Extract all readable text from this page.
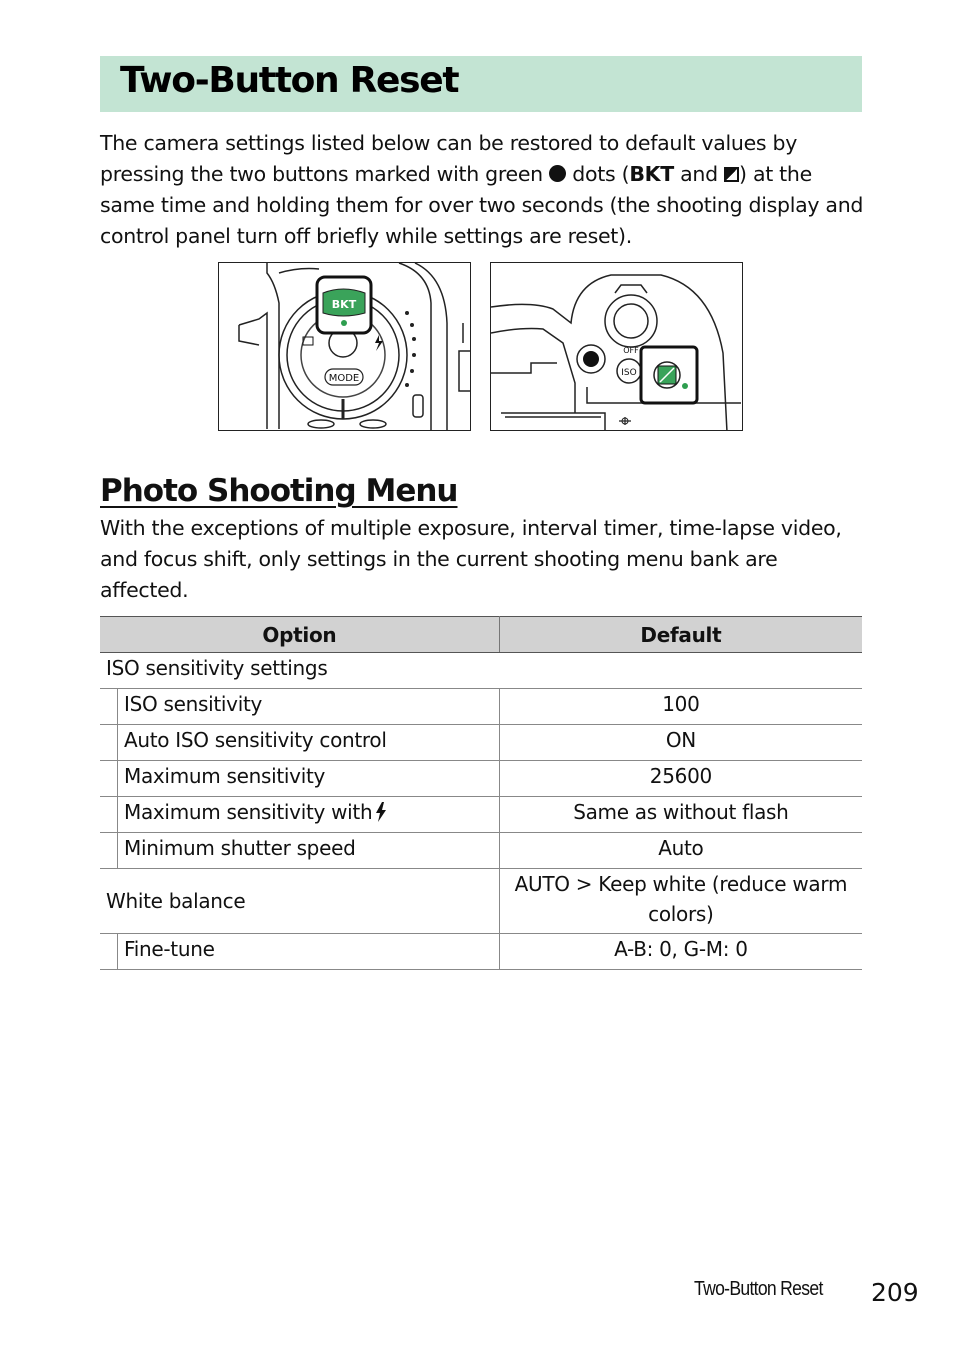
Two-Button Reset
The camera settings listed below can be restored to default values by pressing the two buttons marked with green  dots (BKT and ) at the same time and holding them for over two seconds (the shooting display and control panel turn off briefly while settings are reset).
BKT
MODE	ISO
OFF
Photo Shooting Menu
With the exceptions of multiple exposure, interval timer, time-lapse video, and focus shift, only settings in the current shooting menu bank are affected.
Option		Default
ISO sensitivity settings		
	ISO sensitivity	100
	Auto ISO sensitivity control	ON
	Maximum sensitivity	25600
	Maximum sensitivity with	Same as without flash
	Minimum shutter speed	Auto
White balance		AUTO > Keep white (reduce warm colors)
	Fine-tune	A-B: 0, G-M: 0
Two-Button Reset 209
